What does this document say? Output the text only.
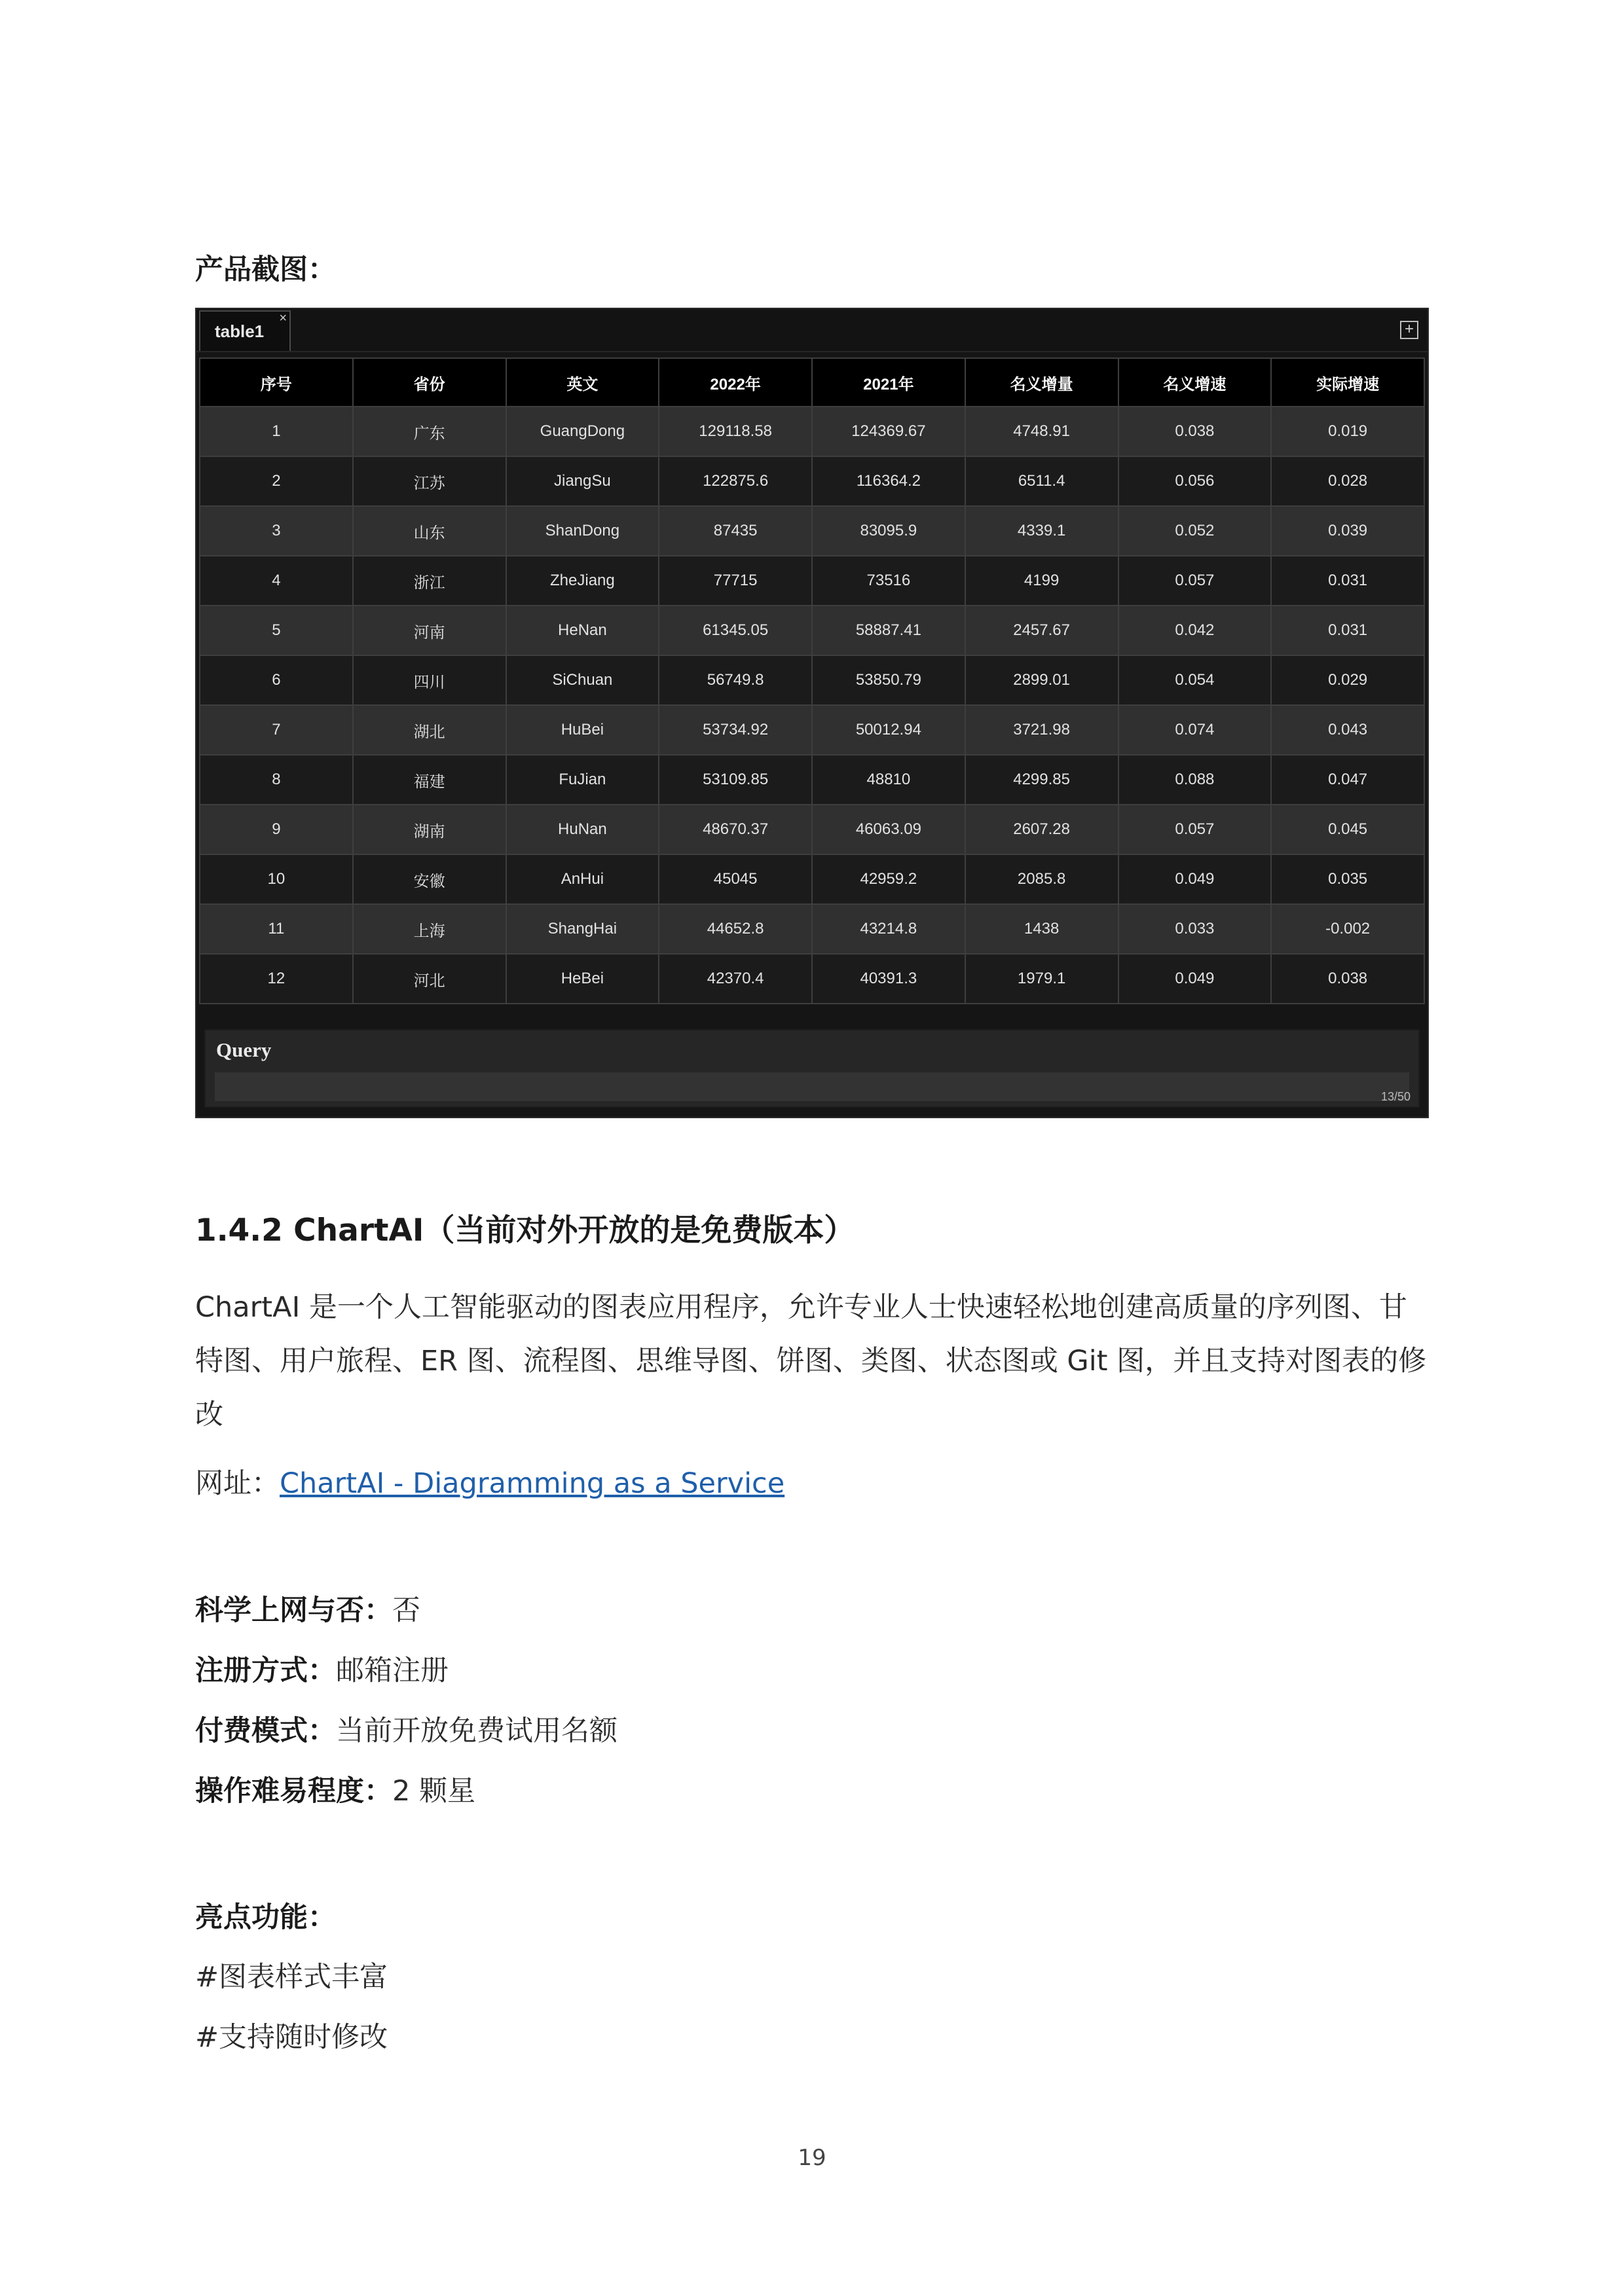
产品截图：
table1
×
+
序号	省份	英文	2022年	2021年	名义增量	名义增速	实际增速
1	广东	GuangDong	129118.58	124369.67	4748.91	0.038	0.019
2	江苏	JiangSu	122875.6	116364.2	6511.4	0.056	0.028
3	山东	ShanDong	87435	83095.9	4339.1	0.052	0.039
4	浙江	ZheJiang	77715	73516	4199	0.057	0.031
5	河南	HeNan	61345.05	58887.41	2457.67	0.042	0.031
6	四川	SiChuan	56749.8	53850.79	2899.01	0.054	0.029
7	湖北	HuBei	53734.92	50012.94	3721.98	0.074	0.043
8	福建	FuJian	53109.85	48810	4299.85	0.088	0.047
9	湖南	HuNan	48670.37	46063.09	2607.28	0.057	0.045
10	安徽	AnHui	45045	42959.2	2085.8	0.049	0.035
11	上海	ShangHai	44652.8	43214.8	1438	0.033	-0.002
12	河北	HeBei	42370.4	40391.3	1979.1	0.049	0.038
Query
13/50
1.4.2 ChartAI（当前对外开放的是免费版本）
ChartAI 是一个人工智能驱动的图表应用程序，允许专业人士快速轻松地创建高质量的序列图、甘特图、用户旅程、ER 图、流程图、思维导图、饼图、类图、状态图或 Git 图，并且支持对图表的修改
网址：ChartAI - Diagramming as a Service
科学上网与否：否
注册方式：邮箱注册
付费模式：当前开放免费试用名额
操作难易程度：2 颗星
亮点功能：
#图表样式丰富
#支持随时修改
19
